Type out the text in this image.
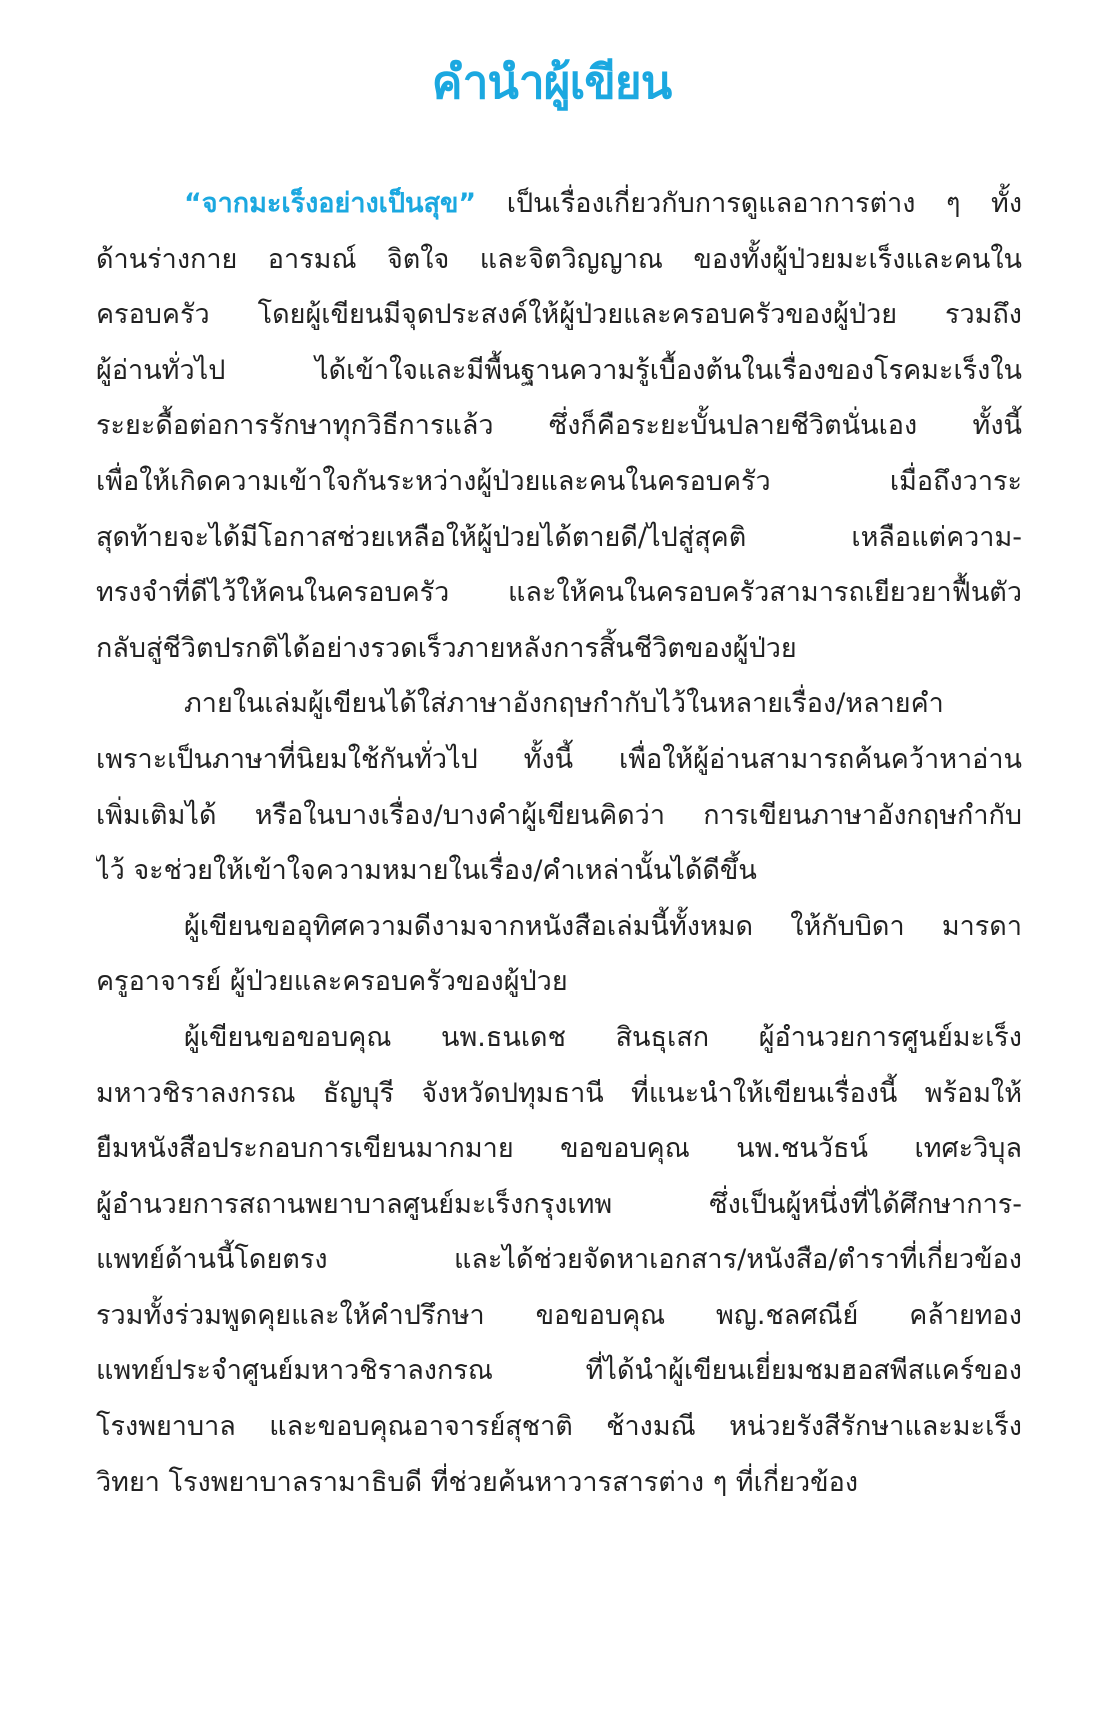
คำนำผู้เขียน
“จากมะเร็งอย่างเป็นสุข” เป็นเรื่องเกี่ยวกับการดูแลอาการต่าง ๆ ทั้ง
ด้านร่างกาย อารมณ์ จิตใจ และจิตวิญญาณ ของทั้งผู้ป่วยมะเร็งและคนใน
ครอบครัว โดยผู้เขียนมีจุดประสงค์ให้ผู้ป่วยและครอบครัวของผู้ป่วย รวมถึง
ผู้อ่านทั่วไป ได้เข้าใจและมีพื้นฐานความรู้เบื้องต้นในเรื่องของโรคมะเร็งใน
ระยะดื้อต่อการรักษาทุกวิธีการแล้ว ซึ่งก็คือระยะบั้นปลายชีวิตนั่นเอง ทั้งนี้
เพื่อให้เกิดความเข้าใจกันระหว่างผู้ป่วยและคนในครอบครัว เมื่อถึงวาระ
สุดท้ายจะได้มีโอกาสช่วยเหลือให้ผู้ป่วยได้ตายดี/ไปสู่สุคติ เหลือแต่ความ-
ทรงจำที่ดีไว้ให้คนในครอบครัว และให้คนในครอบครัวสามารถเยียวยาฟื้นตัว
กลับสู่ชีวิตปรกติได้อย่างรวดเร็วภายหลังการสิ้นชีวิตของผู้ป่วย
ภายในเล่มผู้เขียนได้ใส่ภาษาอังกฤษกำกับไว้ในหลายเรื่อง/หลายคำ
เพราะเป็นภาษาที่นิยมใช้กันทั่วไป ทั้งนี้ เพื่อให้ผู้อ่านสามารถค้นคว้าหาอ่าน
เพิ่มเติมได้ หรือในบางเรื่อง/บางคำผู้เขียนคิดว่า การเขียนภาษาอังกฤษกำกับ
ไว้ จะช่วยให้เข้าใจความหมายในเรื่อง/คำเหล่านั้นได้ดีขึ้น
ผู้เขียนขออุทิศความดีงามจากหนังสือเล่มนี้ทั้งหมด ให้กับบิดา มารดา
ครูอาจารย์ ผู้ป่วยและครอบครัวของผู้ป่วย
ผู้เขียนขอขอบคุณ นพ.ธนเดช สินธุเสก ผู้อำนวยการศูนย์มะเร็ง
มหาวชิราลงกรณ ธัญบุรี จังหวัดปทุมธานี ที่แนะนำให้เขียนเรื่องนี้ พร้อมให้
ยืมหนังสือประกอบการเขียนมากมาย ขอขอบคุณ นพ.ชนวัธน์ เทศะวิบุล
ผู้อำนวยการสถานพยาบาลศูนย์มะเร็งกรุงเทพ ซึ่งเป็นผู้หนึ่งที่ได้ศึกษาการ-
แพทย์ด้านนี้โดยตรง และได้ช่วยจัดหาเอกสาร/หนังสือ/ตำราที่เกี่ยวข้อง
รวมทั้งร่วมพูดคุยและให้คำปรึกษา ขอขอบคุณ พญ.ชลศณีย์ คล้ายทอง
แพทย์ประจำศูนย์มหาวชิราลงกรณ ที่ได้นำผู้เขียนเยี่ยมชมฮอสพีสแคร์ของ
โรงพยาบาล และขอบคุณอาจารย์สุชาติ ช้างมณี หน่วยรังสีรักษาและมะเร็ง
วิทยา โรงพยาบาลรามาธิบดี ที่ช่วยค้นหาวารสารต่าง ๆ ที่เกี่ยวข้อง
